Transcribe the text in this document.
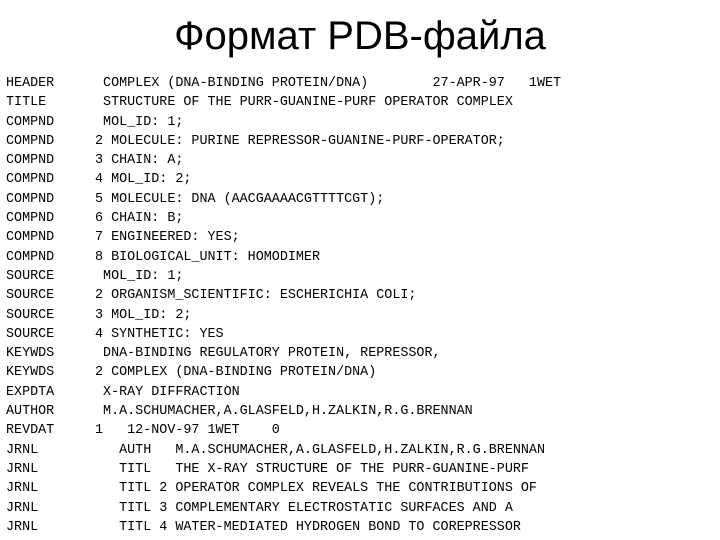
Формат PDB-файла
HEADER	COMPLEX (DNA-BINDING PROTEIN/DNA)        27-APR-97   1WET
TITLE	STRUCTURE OF THE PURR-GUANINE-PURF OPERATOR COMPLEX
COMPND	MOL_ID: 1;
COMPND	2 MOLECULE: PURINE REPRESSOR-GUANINE-PURF-OPERATOR;
COMPND	3 CHAIN: A;
COMPND	4 MOL_ID: 2;
COMPND	5 MOLECULE: DNA (AACGAAAACGTTTTCGT);
COMPND	6 CHAIN: B;
COMPND	7 ENGINEERED: YES;
COMPND	8 BIOLOGICAL_UNIT: HOMODIMER
SOURCE	MOL_ID: 1;
SOURCE	2 ORGANISM_SCIENTIFIC: ESCHERICHIA COLI;
SOURCE	3 MOL_ID: 2;
SOURCE	4 SYNTHETIC: YES
KEYWDS	DNA-BINDING REGULATORY PROTEIN, REPRESSOR,
KEYWDS	2 COMPLEX (DNA-BINDING PROTEIN/DNA)
EXPDTA	X-RAY DIFFRACTION
AUTHOR	M.A.SCHUMACHER,A.GLASFELD,H.ZALKIN,R.G.BRENNAN
REVDAT	1   12-NOV-97 1WET    0
JRNL	AUTH   M.A.SCHUMACHER,A.GLASFELD,H.ZALKIN,R.G.BRENNAN
JRNL	TITL   THE X-RAY STRUCTURE OF THE PURR-GUANINE-PURF
JRNL	TITL 2 OPERATOR COMPLEX REVEALS THE CONTRIBUTIONS OF
JRNL	TITL 3 COMPLEMENTARY ELECTROSTATIC SURFACES AND A
JRNL	TITL 4 WATER-MEDIATED HYDROGEN BOND TO COREPRESSOR
